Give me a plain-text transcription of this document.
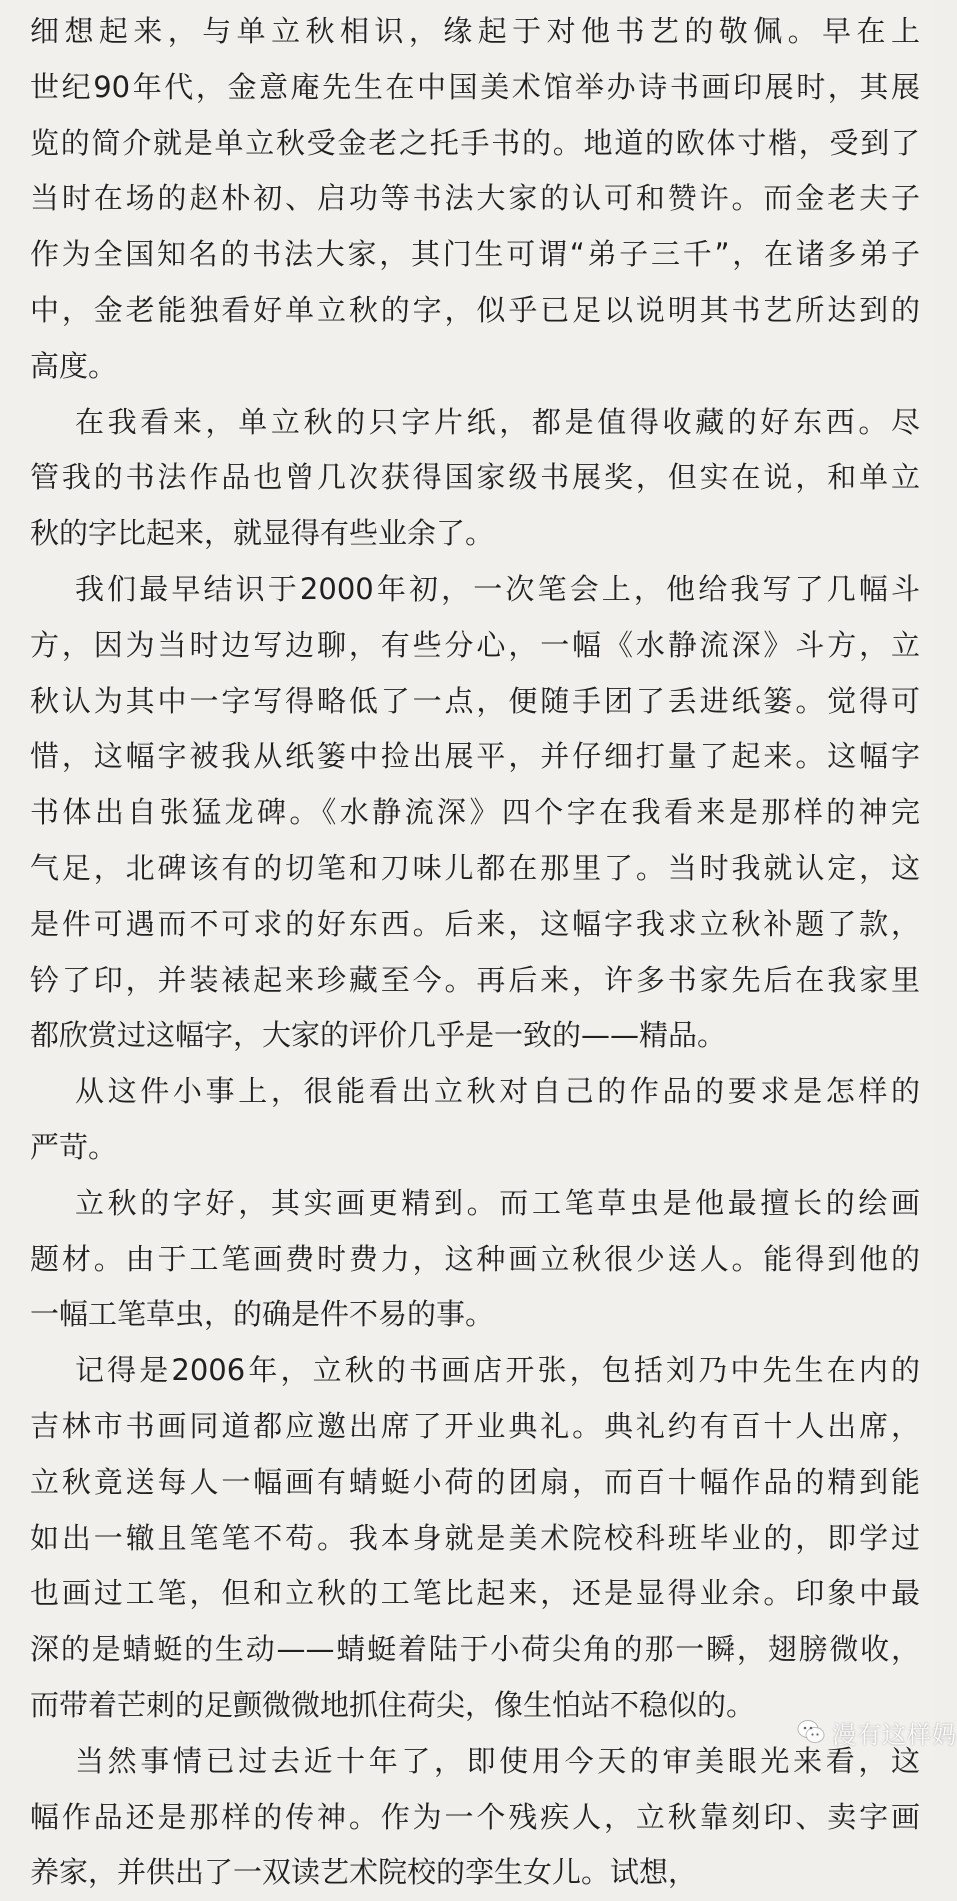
细想起来，与单立秋相识，缘起于对他书艺的敬佩。早在上
世纪90年代，金意庵先生在中国美术馆举办诗书画印展时，其展
览的简介就是单立秋受金老之托手书的。地道的欧体寸楷，受到了
当时在场的赵朴初、启功等书法大家的认可和赞许。而金老夫子
作为全国知名的书法大家，其门生可谓“弟子三千”，在诸多弟子
中，金老能独看好单立秋的字，似乎已足以说明其书艺所达到的
高度。
在我看来，单立秋的只字片纸，都是值得收藏的好东西。尽
管我的书法作品也曾几次获得国家级书展奖，但实在说，和单立
秋的字比起来，就显得有些业余了。
我们最早结识于2000年初，一次笔会上，他给我写了几幅斗
方，因为当时边写边聊，有些分心，一幅《水静流深》斗方，立
秋认为其中一字写得略低了一点，便随手团了丢进纸篓。觉得可
惜，这幅字被我从纸篓中捡出展平，并仔细打量了起来。这幅字
书体出自张猛龙碑。《水静流深》四个字在我看来是那样的神完
气足，北碑该有的切笔和刀味儿都在那里了。当时我就认定，这
是件可遇而不可求的好东西。后来，这幅字我求立秋补题了款，
钤了印，并装裱起来珍藏至今。再后来，许多书家先后在我家里
都欣赏过这幅字，大家的评价几乎是一致的——精品。
从这件小事上，很能看出立秋对自己的作品的要求是怎样的
严苛。
立秋的字好，其实画更精到。而工笔草虫是他最擅长的绘画
题材。由于工笔画费时费力，这种画立秋很少送人。能得到他的
一幅工笔草虫，的确是件不易的事。
记得是2006年，立秋的书画店开张，包括刘乃中先生在内的
吉林市书画同道都应邀出席了开业典礼。典礼约有百十人出席，
立秋竟送每人一幅画有蜻蜓小荷的团扇，而百十幅作品的精到能
如出一辙且笔笔不苟。我本身就是美术院校科班毕业的，即学过
也画过工笔，但和立秋的工笔比起来，还是显得业余。印象中最
深的是蜻蜓的生动——蜻蜓着陆于小荷尖角的那一瞬，翅膀微收，
而带着芒刺的足颤微微地抓住荷尖，像生怕站不稳似的。
当然事情已过去近十年了，即使用今天的审美眼光来看，这
幅作品还是那样的传神。作为一个残疾人，立秋靠刻印、卖字画
养家，并供出了一双读艺术院校的孪生女儿。试想，
漫有这样妈
